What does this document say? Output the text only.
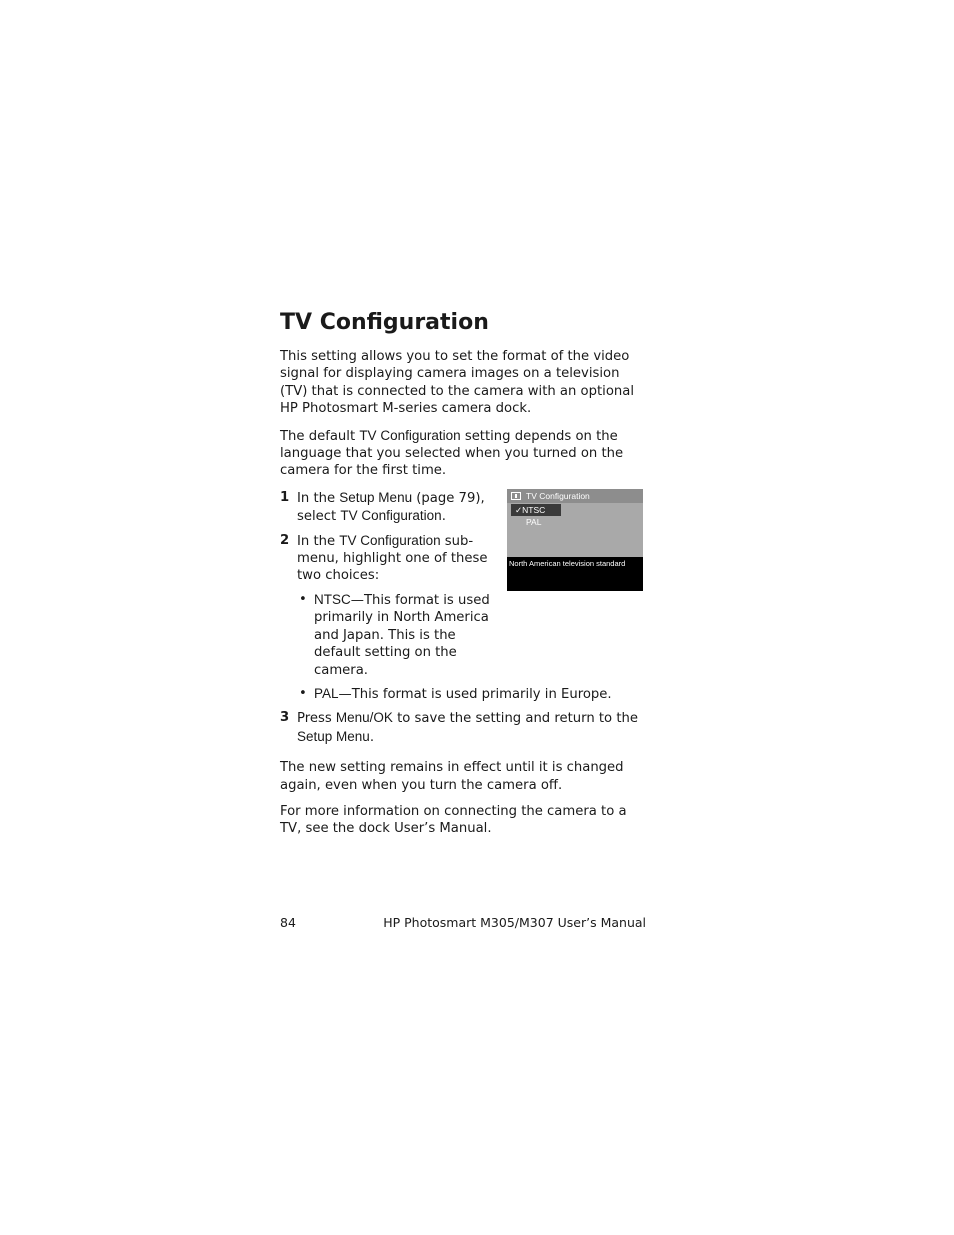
TV Configuration

This setting allows you to set the format of the video signal for displaying camera images on a television (TV) that is connected to the camera with an optional HP Photosmart M-series camera dock.

The default TV Configuration setting depends on the language that you selected when you turned on the camera for the first time.

TV Configuration
✓NTSC
PAL
North American television standard
1 In the Setup Menu (page 79), select TV Configuration.
2 In the TV Configuration sub-menu, highlight one of these two choices:
• NTSC—This format is used primarily in North America and Japan. This is the default setting on the camera.
• PAL—This format is used primarily in Europe.
3 Press Menu/OK to save the setting and return to the Setup Menu.

The new setting remains in effect until it is changed again, even when you turn the camera off.

For more information on connecting the camera to a TV, see the dock User’s Manual.

84	HP Photosmart M305/M307 User’s Manual
